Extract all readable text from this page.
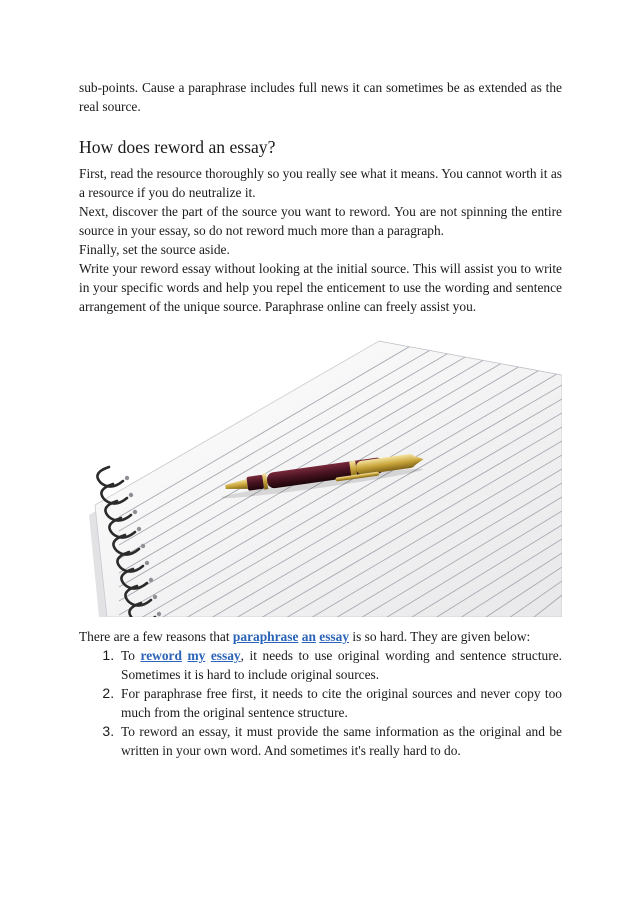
sub-points. Cause a paraphrase includes full news it can sometimes be as extended as the real source.

How does reword an essay?

First, read the resource thoroughly so you really see what it means. You cannot worth it as a resource if you do neutralize it.
Next, discover the part of the source you want to reword. You are not spinning the entire source in your essay, so do not reword much more than a paragraph.
Finally, set the source aside.
Write your reword essay without looking at the initial source. This will assist you to write in your specific words and help you repel the enticement to use the wording and sentence arrangement of the unique source. Paraphrase online can freely assist you.

There are a few reasons that paraphrase an essay is so hard. They are given below:

1. To reword my essay, it needs to use original wording and sentence structure. Sometimes it is hard to include original sources.
2. For paraphrase free first, it needs to cite the original sources and never copy too much from the original sentence structure.
3. To reword an essay, it must provide the same information as the original and be written in your own word. And sometimes it's really hard to do.
